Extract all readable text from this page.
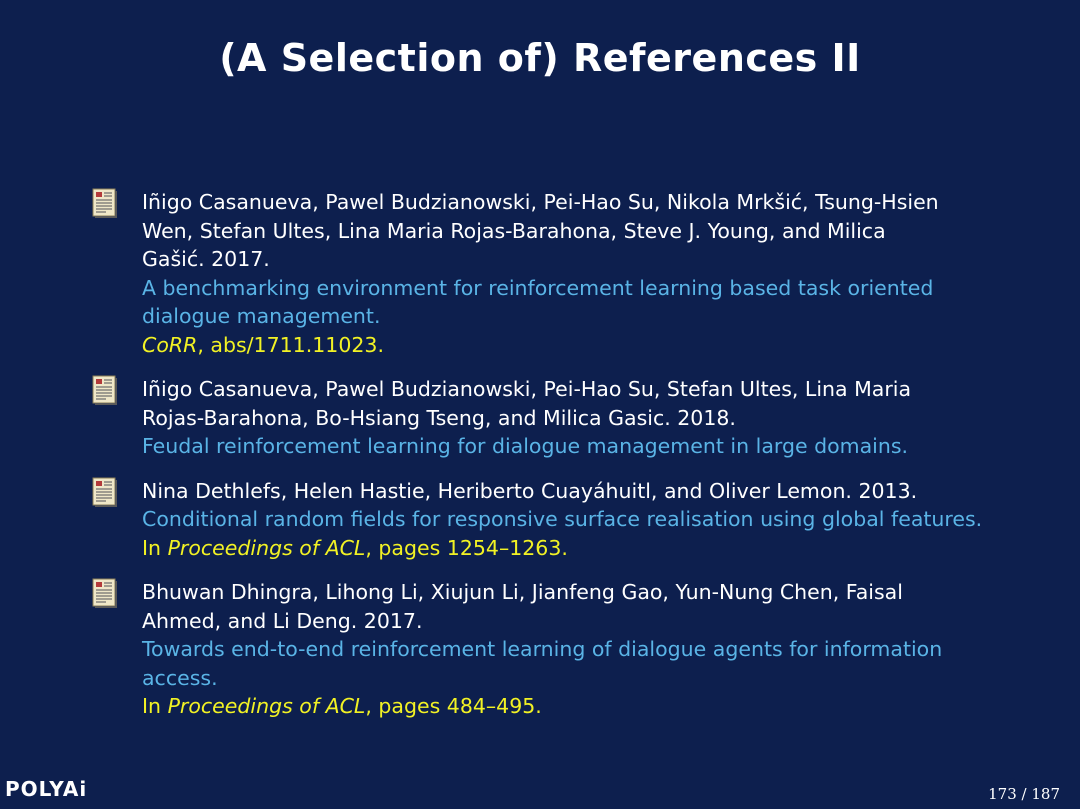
(A Selection of) References II
Iñigo Casanueva, Pawel Budzianowski, Pei-Hao Su, Nikola Mrkšić, Tsung-Hsien
Wen, Stefan Ultes, Lina Maria Rojas-Barahona, Steve J. Young, and Milica
Gašić. 2017.
A benchmarking environment for reinforcement learning based task oriented
dialogue management.
CoRR, abs/1711.11023.
Iñigo Casanueva, Pawel Budzianowski, Pei-Hao Su, Stefan Ultes, Lina Maria
Rojas-Barahona, Bo-Hsiang Tseng, and Milica Gasic. 2018.
Feudal reinforcement learning for dialogue management in large domains.
Nina Dethlefs, Helen Hastie, Heriberto Cuayáhuitl, and Oliver Lemon. 2013.
Conditional random fields for responsive surface realisation using global features.
In Proceedings of ACL, pages 1254–1263.
Bhuwan Dhingra, Lihong Li, Xiujun Li, Jianfeng Gao, Yun-Nung Chen, Faisal
Ahmed, and Li Deng. 2017.
Towards end-to-end reinforcement learning of dialogue agents for information
access.
In Proceedings of ACL, pages 484–495.
POLYAi	173 / 187
